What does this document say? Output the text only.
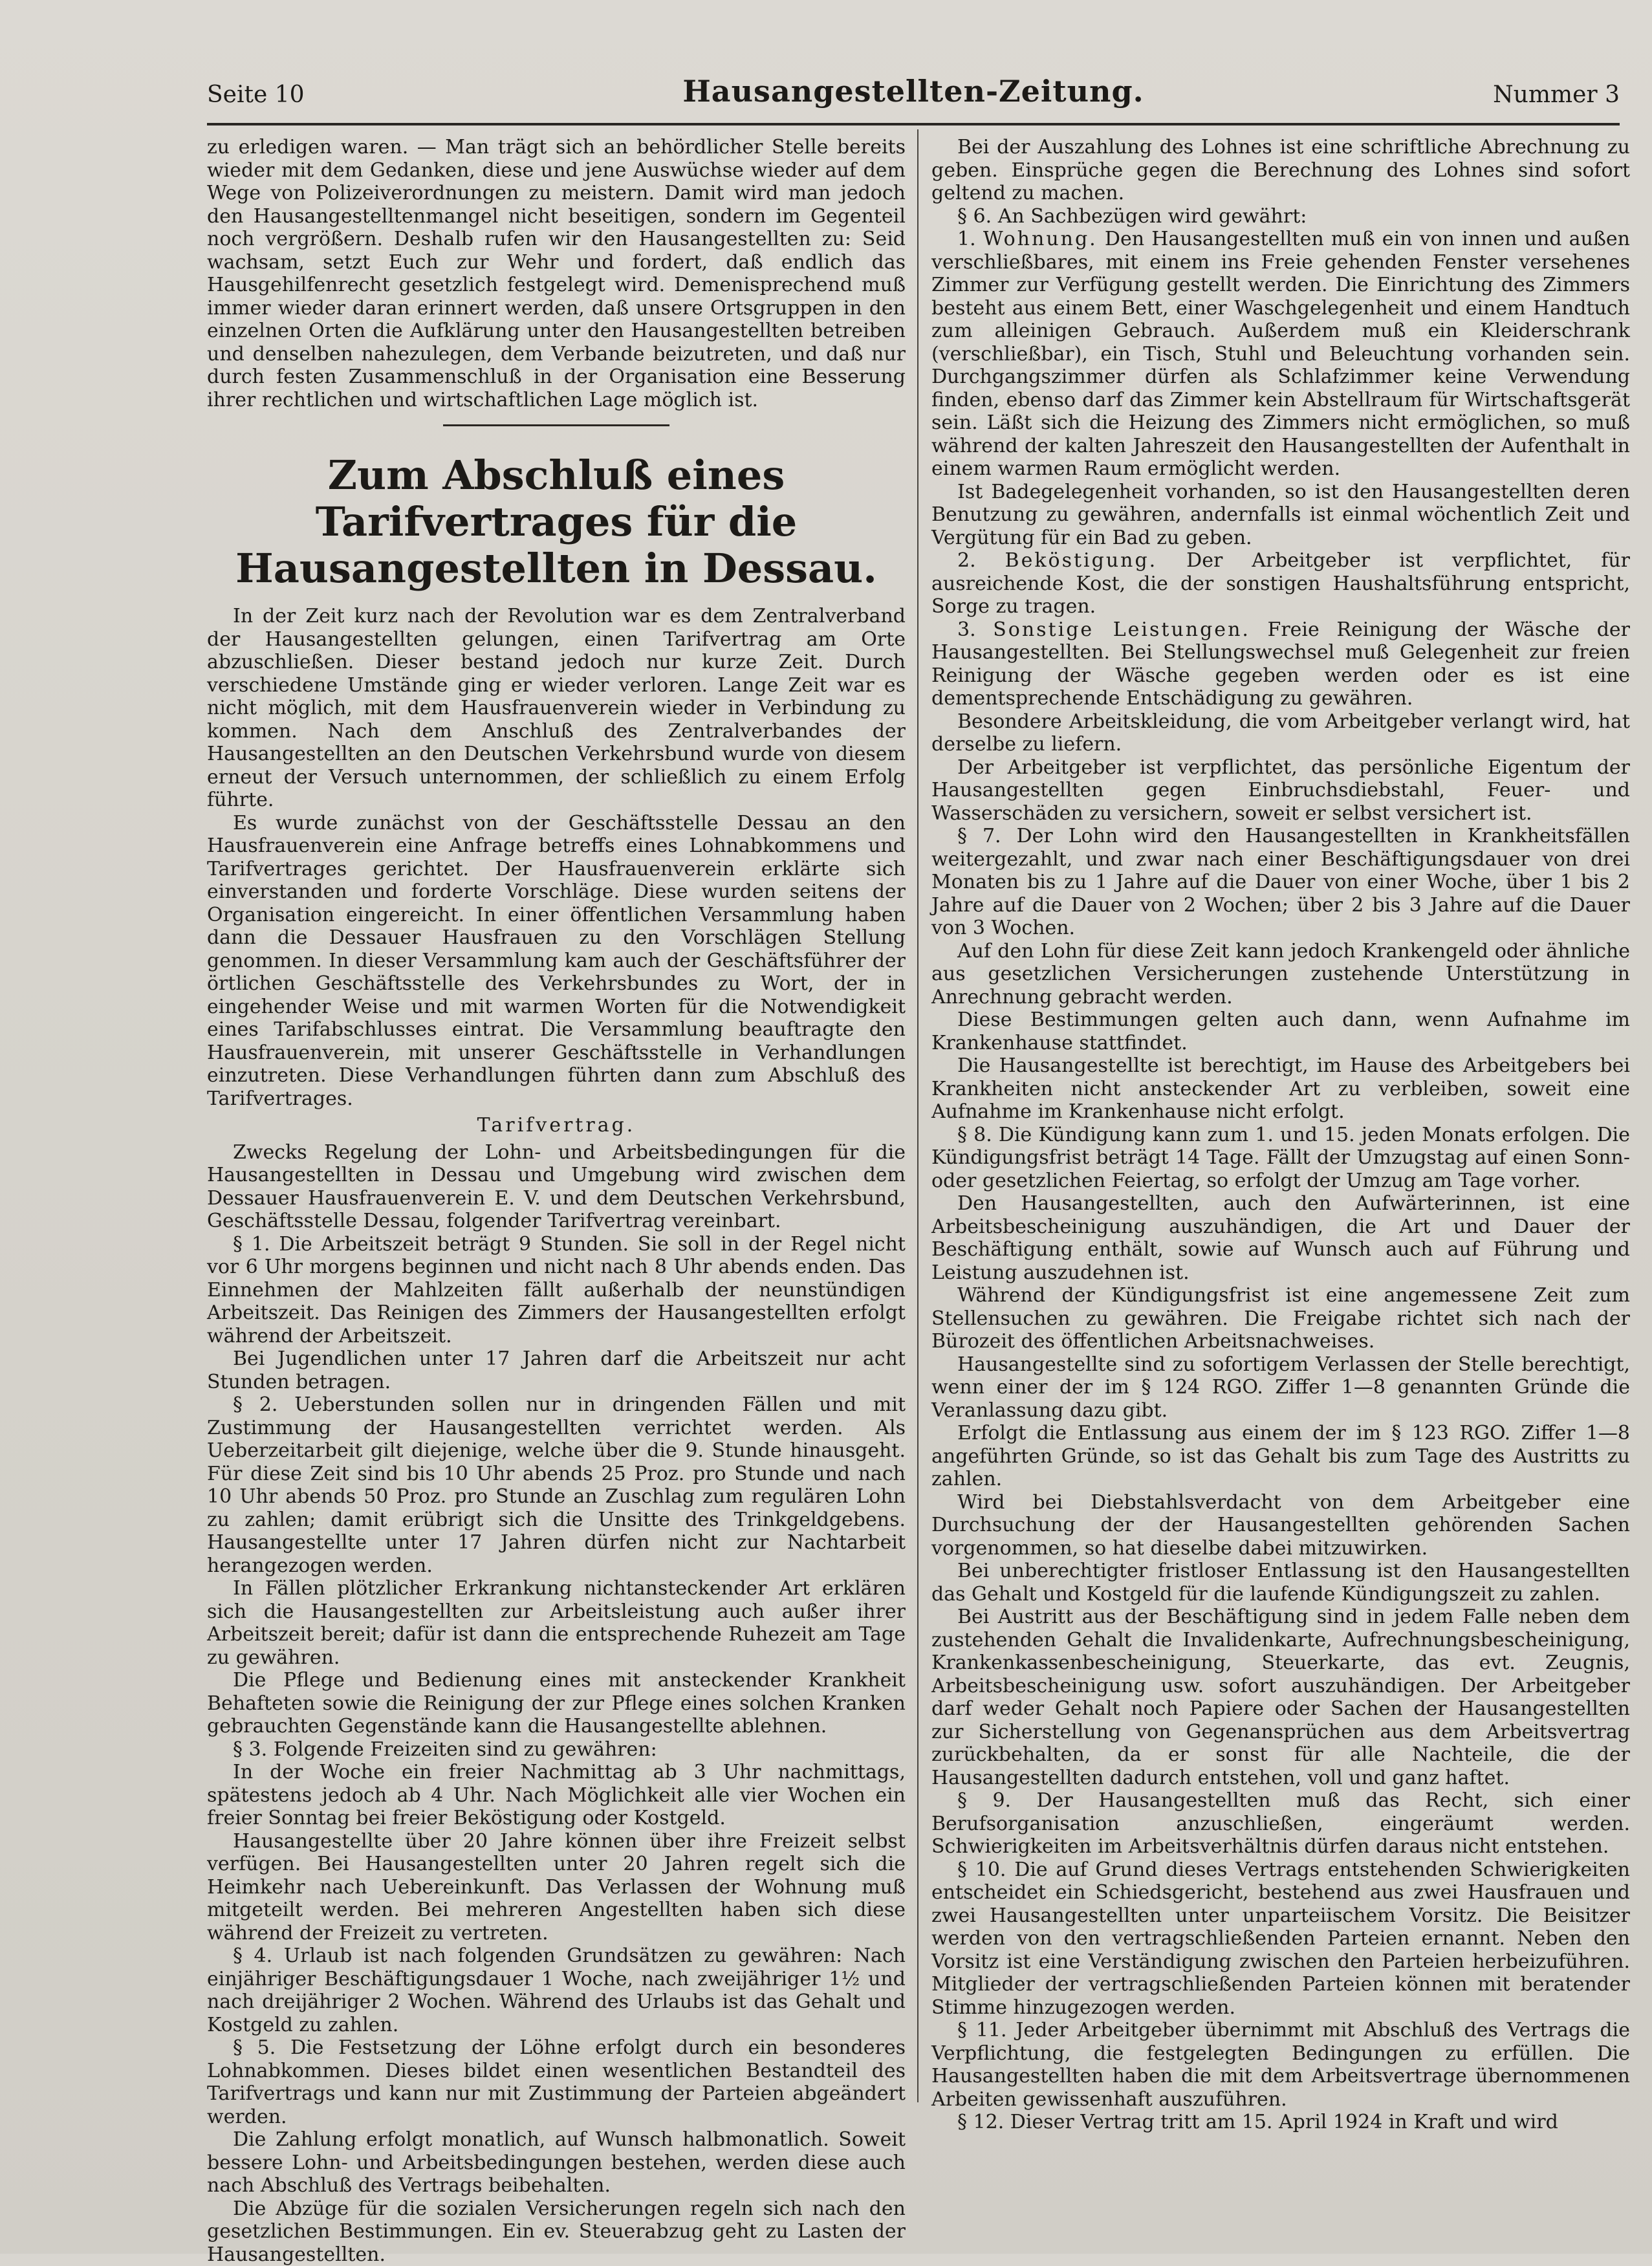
Seite 10	Hausangestellten-Zeitung.	Nummer 3

zu erledigen waren. — Man trägt sich an behördlicher Stelle bereits wieder mit dem Gedanken, diese und jene Auswüchse wieder auf dem Wege von Polizeiverordnungen zu meistern. Damit wird man jedoch den Hausangestelltenmangel nicht beseitigen, sondern im Gegenteil noch vergrößern. Deshalb rufen wir den Hausangestellten zu: Seid wachsam, setzt Euch zur Wehr und fordert, daß endlich das Hausgehilfenrecht gesetzlich festgelegt wird. Demenisprechend muß immer wieder daran erinnert werden, daß unsere Ortsgruppen in den einzelnen Orten die Aufklärung unter den Hausangestellten betreiben und denselben nahezulegen, dem Verbande beizutreten, und daß nur durch festen Zusammenschluß in der Organisation eine Besserung ihrer rechtlichen und wirtschaftlichen Lage möglich ist.

Zum Abschluß eines Tarifvertrages für die
Hausangestellten in Dessau.

In der Zeit kurz nach der Revolution war es dem Zentralverband der Hausangestellten gelungen, einen Tarifvertrag am Orte abzuschließen. Dieser bestand jedoch nur kurze Zeit. Durch verschiedene Umstände ging er wieder verloren. Lange Zeit war es nicht möglich, mit dem Hausfrauenverein wieder in Verbindung zu kommen. Nach dem Anschluß des Zentralverbandes der Hausangestellten an den Deutschen Verkehrsbund wurde von diesem erneut der Versuch unternommen, der schließlich zu einem Erfolg führte.

Es wurde zunächst von der Geschäftsstelle Dessau an den Hausfrauenverein eine Anfrage betreffs eines Lohnabkommens und Tarifvertrages gerichtet. Der Hausfrauenverein erklärte sich einverstanden und forderte Vorschläge. Diese wurden seitens der Organisation eingereicht. In einer öffentlichen Versammlung haben dann die Dessauer Hausfrauen zu den Vorschlägen Stellung genommen. In dieser Versammlung kam auch der Geschäftsführer der örtlichen Geschäftsstelle des Verkehrsbundes zu Wort, der in eingehender Weise und mit warmen Worten für die Notwendigkeit eines Tarifabschlusses eintrat. Die Versammlung beauftragte den Hausfrauenverein, mit unserer Geschäftsstelle in Verhandlungen einzutreten. Diese Verhandlungen führten dann zum Abschluß des Tarifvertrages.

Tarifvertrag.

Zwecks Regelung der Lohn- und Arbeitsbedingungen für die Hausangestellten in Dessau und Umgebung wird zwischen dem Dessauer Hausfrauenverein E. V. und dem Deutschen Verkehrsbund, Geschäftsstelle Dessau, folgender Tarifvertrag vereinbart.

§ 1. Die Arbeitszeit beträgt 9 Stunden. Sie soll in der Regel nicht vor 6 Uhr morgens beginnen und nicht nach 8 Uhr abends enden. Das Einnehmen der Mahlzeiten fällt außerhalb der neunstündigen Arbeitszeit. Das Reinigen des Zimmers der Hausangestellten erfolgt während der Arbeitszeit.

Bei Jugendlichen unter 17 Jahren darf die Arbeitszeit nur acht Stunden betragen.

§ 2. Ueberstunden sollen nur in dringenden Fällen und mit Zustimmung der Hausangestellten verrichtet werden. Als Ueberzeitarbeit gilt diejenige, welche über die 9. Stunde hinausgeht. Für diese Zeit sind bis 10 Uhr abends 25 Proz. pro Stunde und nach 10 Uhr abends 50 Proz. pro Stunde an Zuschlag zum regulären Lohn zu zahlen; damit erübrigt sich die Unsitte des Trinkgeldgebens. Hausangestellte unter 17 Jahren dürfen nicht zur Nachtarbeit herangezogen werden.

In Fällen plötzlicher Erkrankung nichtansteckender Art erklären sich die Hausangestellten zur Arbeitsleistung auch außer ihrer Arbeitszeit bereit; dafür ist dann die entsprechende Ruhezeit am Tage zu gewähren.

Die Pflege und Bedienung eines mit ansteckender Krankheit Behafteten sowie die Reinigung der zur Pflege eines solchen Kranken gebrauchten Gegenstände kann die Hausangestellte ablehnen.

§ 3. Folgende Freizeiten sind zu gewähren:

In der Woche ein freier Nachmittag ab 3 Uhr nachmittags, spätestens jedoch ab 4 Uhr. Nach Möglichkeit alle vier Wochen ein freier Sonntag bei freier Beköstigung oder Kostgeld.

Hausangestellte über 20 Jahre können über ihre Freizeit selbst verfügen. Bei Hausangestellten unter 20 Jahren regelt sich die Heimkehr nach Uebereinkunft. Das Verlassen der Wohnung muß mitgeteilt werden. Bei mehreren Angestellten haben sich diese während der Freizeit zu vertreten.

§ 4. Urlaub ist nach folgenden Grundsätzen zu gewähren: Nach einjähriger Beschäftigungsdauer 1 Woche, nach zweijähriger 1½ und nach dreijähriger 2 Wochen. Während des Urlaubs ist das Gehalt und Kostgeld zu zahlen.

§ 5. Die Festsetzung der Löhne erfolgt durch ein besonderes Lohnabkommen. Dieses bildet einen wesentlichen Bestandteil des Tarifvertrags und kann nur mit Zustimmung der Parteien abgeändert werden.

Die Zahlung erfolgt monatlich, auf Wunsch halbmonatlich. Soweit bessere Lohn- und Arbeitsbedingungen bestehen, werden diese auch nach Abschluß des Vertrags beibehalten.

Die Abzüge für die sozialen Versicherungen regeln sich nach den gesetzlichen Bestimmungen. Ein ev. Steuerabzug geht zu Lasten der Hausangestellten.

Bei der Auszahlung des Lohnes ist eine schriftliche Abrechnung zu geben. Einsprüche gegen die Berechnung des Lohnes sind sofort geltend zu machen.

§ 6. An Sachbezügen wird gewährt:

1. Wohnung. Den Hausangestellten muß ein von innen und außen verschließbares, mit einem ins Freie gehenden Fenster versehenes Zimmer zur Verfügung gestellt werden. Die Einrichtung des Zimmers besteht aus einem Bett, einer Waschgelegenheit und einem Handtuch zum alleinigen Gebrauch. Außerdem muß ein Kleiderschrank (verschließbar), ein Tisch, Stuhl und Beleuchtung vorhanden sein. Durchgangszimmer dürfen als Schlafzimmer keine Verwendung finden, ebenso darf das Zimmer kein Abstellraum für Wirtschaftsgerät sein. Läßt sich die Heizung des Zimmers nicht ermöglichen, so muß während der kalten Jahreszeit den Hausangestellten der Aufenthalt in einem warmen Raum ermöglicht werden.

Ist Badegelegenheit vorhanden, so ist den Hausangestellten deren Benutzung zu gewähren, andernfalls ist einmal wöchentlich Zeit und Vergütung für ein Bad zu geben.

2. Beköstigung. Der Arbeitgeber ist verpflichtet, für ausreichende Kost, die der sonstigen Haushaltsführung entspricht, Sorge zu tragen.

3. Sonstige Leistungen. Freie Reinigung der Wäsche der Hausangestellten. Bei Stellungswechsel muß Gelegenheit zur freien Reinigung der Wäsche gegeben werden oder es ist eine dementsprechende Entschädigung zu gewähren.

Besondere Arbeitskleidung, die vom Arbeitgeber verlangt wird, hat derselbe zu liefern.

Der Arbeitgeber ist verpflichtet, das persönliche Eigentum der Hausangestellten gegen Einbruchsdiebstahl, Feuer- und Wasserschäden zu versichern, soweit er selbst versichert ist.

§ 7. Der Lohn wird den Hausangestellten in Krankheitsfällen weitergezahlt, und zwar nach einer Beschäftigungsdauer von drei Monaten bis zu 1 Jahre auf die Dauer von einer Woche, über 1 bis 2 Jahre auf die Dauer von 2 Wochen; über 2 bis 3 Jahre auf die Dauer von 3 Wochen.

Auf den Lohn für diese Zeit kann jedoch Krankengeld oder ähnliche aus gesetzlichen Versicherungen zustehende Unterstützung in Anrechnung gebracht werden.

Diese Bestimmungen gelten auch dann, wenn Aufnahme im Krankenhause stattfindet.

Die Hausangestellte ist berechtigt, im Hause des Arbeitgebers bei Krankheiten nicht ansteckender Art zu verbleiben, soweit eine Aufnahme im Krankenhause nicht erfolgt.

§ 8. Die Kündigung kann zum 1. und 15. jeden Monats erfolgen. Die Kündigungsfrist beträgt 14 Tage. Fällt der Umzugstag auf einen Sonn- oder gesetzlichen Feiertag, so erfolgt der Umzug am Tage vorher.

Den Hausangestellten, auch den Aufwärterinnen, ist eine Arbeitsbescheinigung auszuhändigen, die Art und Dauer der Beschäftigung enthält, sowie auf Wunsch auch auf Führung und Leistung auszudehnen ist.

Während der Kündigungsfrist ist eine angemessene Zeit zum Stellensuchen zu gewähren. Die Freigabe richtet sich nach der Bürozeit des öffentlichen Arbeitsnachweises.

Hausangestellte sind zu sofortigem Verlassen der Stelle berechtigt, wenn einer der im § 124 RGO. Ziffer 1—8 genannten Gründe die Veranlassung dazu gibt.

Erfolgt die Entlassung aus einem der im § 123 RGO. Ziffer 1—8 angeführten Gründe, so ist das Gehalt bis zum Tage des Austritts zu zahlen.

Wird bei Diebstahlsverdacht von dem Arbeitgeber eine Durchsuchung der der Hausangestellten gehörenden Sachen vorgenommen, so hat dieselbe dabei mitzuwirken.

Bei unberechtigter fristloser Entlassung ist den Hausangestellten das Gehalt und Kostgeld für die laufende Kündigungszeit zu zahlen.

Bei Austritt aus der Beschäftigung sind in jedem Falle neben dem zustehenden Gehalt die Invalidenkarte, Aufrechnungsbescheinigung, Krankenkassenbescheinigung, Steuerkarte, das evt. Zeugnis, Arbeitsbescheinigung usw. sofort auszuhändigen. Der Arbeitgeber darf weder Gehalt noch Papiere oder Sachen der Hausangestellten zur Sicherstellung von Gegenansprüchen aus dem Arbeitsvertrag zurückbehalten, da er sonst für alle Nachteile, die der Hausangestellten dadurch entstehen, voll und ganz haftet.

§ 9. Der Hausangestellten muß das Recht, sich einer Berufsorganisation anzuschließen, eingeräumt werden. Schwierigkeiten im Arbeitsverhältnis dürfen daraus nicht entstehen.

§ 10. Die auf Grund dieses Vertrags entstehenden Schwierigkeiten entscheidet ein Schiedsgericht, bestehend aus zwei Hausfrauen und zwei Hausangestellten unter unparteiischem Vorsitz. Die Beisitzer werden von den vertragschließenden Parteien ernannt. Neben den Vorsitz ist eine Verständigung zwischen den Parteien herbeizuführen. Mitglieder der vertragschließenden Parteien können mit beratender Stimme hinzugezogen werden.

§ 11. Jeder Arbeitgeber übernimmt mit Abschluß des Vertrags die Verpflichtung, die festgelegten Bedingungen zu erfüllen. Die Hausangestellten haben die mit dem Arbeitsvertrage übernommenen Arbeiten gewissenhaft auszuführen.

§ 12. Dieser Vertrag tritt am 15. April 1924 in Kraft und wird
